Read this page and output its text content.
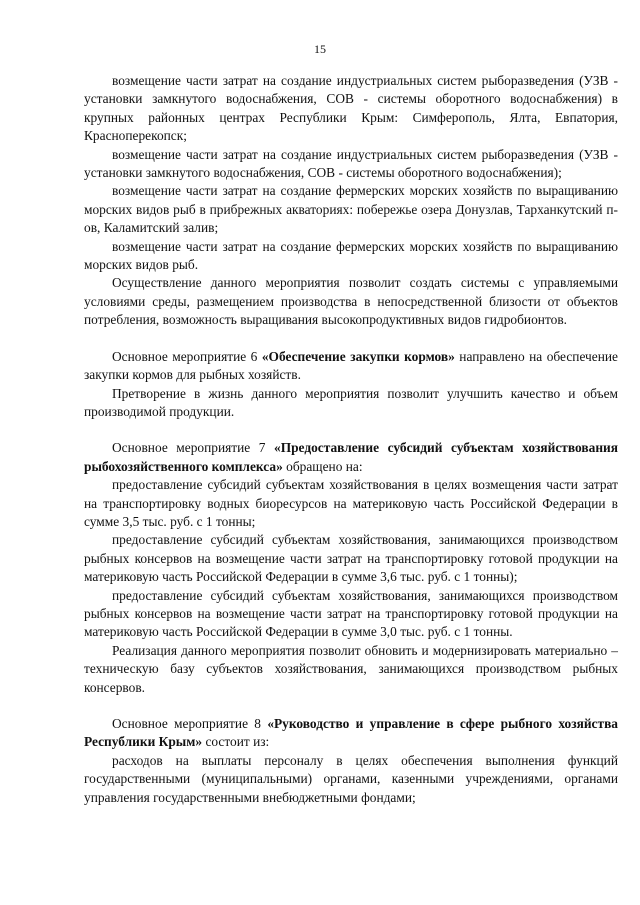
15

возмещение части затрат на создание индустриальных систем рыборазведения (УЗВ - установки замкнутого водоснабжения, СОВ - системы оборотного водоснабжения) в крупных районных центрах Республики Крым: Симферополь, Ялта, Евпатория, Красноперекопск;

возмещение части затрат на создание индустриальных систем рыборазведения (УЗВ - установки замкнутого водоснабжения, СОВ - системы оборотного водоснабжения);

возмещение части затрат на создание фермерских морских хозяйств по выращиванию морских видов рыб в прибрежных акваториях: побережье озера Донузлав, Тарханкутский п-ов, Каламитский залив;

возмещение части затрат на создание фермерских морских хозяйств по выращиванию морских видов рыб.

Осуществление данного мероприятия позволит создать системы с управляемыми условиями среды, размещением производства в непосредственной близости от объектов потребления, возможность выращивания высокопродуктивных видов гидробионтов.

Основное мероприятие 6 «Обеспечение закупки кормов» направлено на обеспечение закупки кормов для рыбных хозяйств.

Претворение в жизнь данного мероприятия позволит улучшить качество и объем производимой продукции.

Основное мероприятие 7 «Предоставление субсидий субъектам хозяйствования рыбохозяйственного комплекса» обращено на:

предоставление субсидий субъектам хозяйствования в целях возмещения части затрат на транспортировку водных биоресурсов на материковую часть Российской Федерации в сумме 3,5 тыс. руб. с 1 тонны;

предоставление субсидий субъектам хозяйствования, занимающихся производством рыбных консервов на возмещение части затрат на транспортировку готовой продукции на материковую часть Российской Федерации в сумме 3,6 тыс. руб. с 1 тонны);

предоставление субсидий субъектам хозяйствования, занимающихся производством рыбных консервов на возмещение части затрат на транспортировку готовой продукции на материковую часть Российской Федерации в сумме 3,0 тыс. руб. с 1 тонны.

Реализация данного мероприятия позволит обновить и модернизировать материально – техническую базу субъектов хозяйствования, занимающихся производством рыбных консервов.

Основное мероприятие 8 «Руководство и управление в сфере рыбного хозяйства Республики Крым» состоит из:

расходов на выплаты персоналу в целях обеспечения выполнения функций государственными (муниципальными) органами, казенными учреждениями, органами управления государственными внебюджетными фондами;
